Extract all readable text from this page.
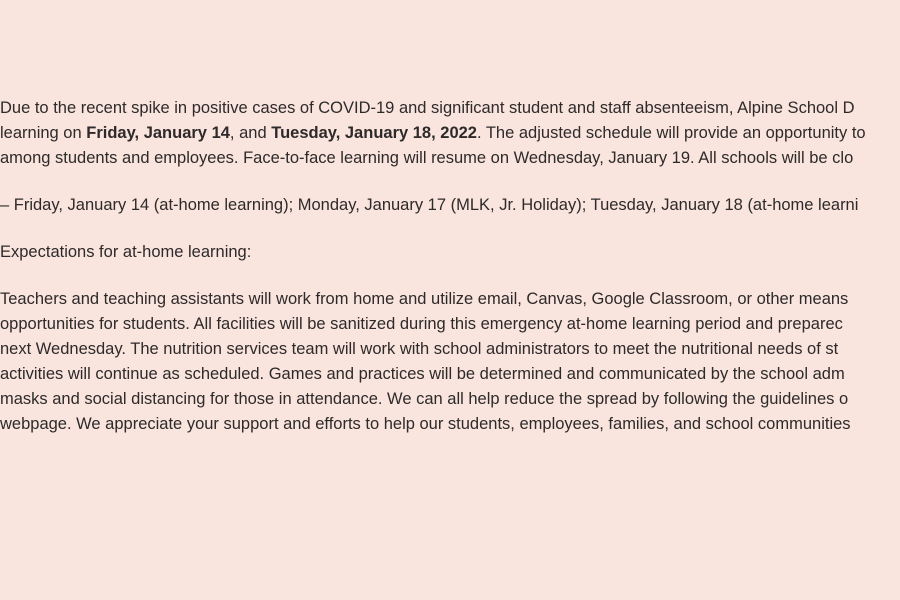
Due to the recent spike in positive cases of COVID-19 and significant student and staff absenteeism, Alpine School D
learning on Friday, January 14, and Tuesday, January 18, 2022. The adjusted schedule will provide an opportunity to
among students and employees. Face-to-face learning will resume on Wednesday, January 19. All schools will be clo
– Friday, January 14 (at-home learning); Monday, January 17 (MLK, Jr. Holiday); Tuesday, January 18 (at-home learni
Expectations for at-home learning:
Teachers and teaching assistants will work from home and utilize email, Canvas, Google Classroom, or other means
opportunities for students. All facilities will be sanitized during this emergency at-home learning period and preparec
next Wednesday. The nutrition services team will work with school administrators to meet the nutritional needs of st
activities will continue as scheduled. Games and practices will be determined and communicated by the school adm
masks and social distancing for those in attendance. We can all help reduce the spread by following the guidelines o
webpage. We appreciate your support and efforts to help our students, employees, families, and school communities
